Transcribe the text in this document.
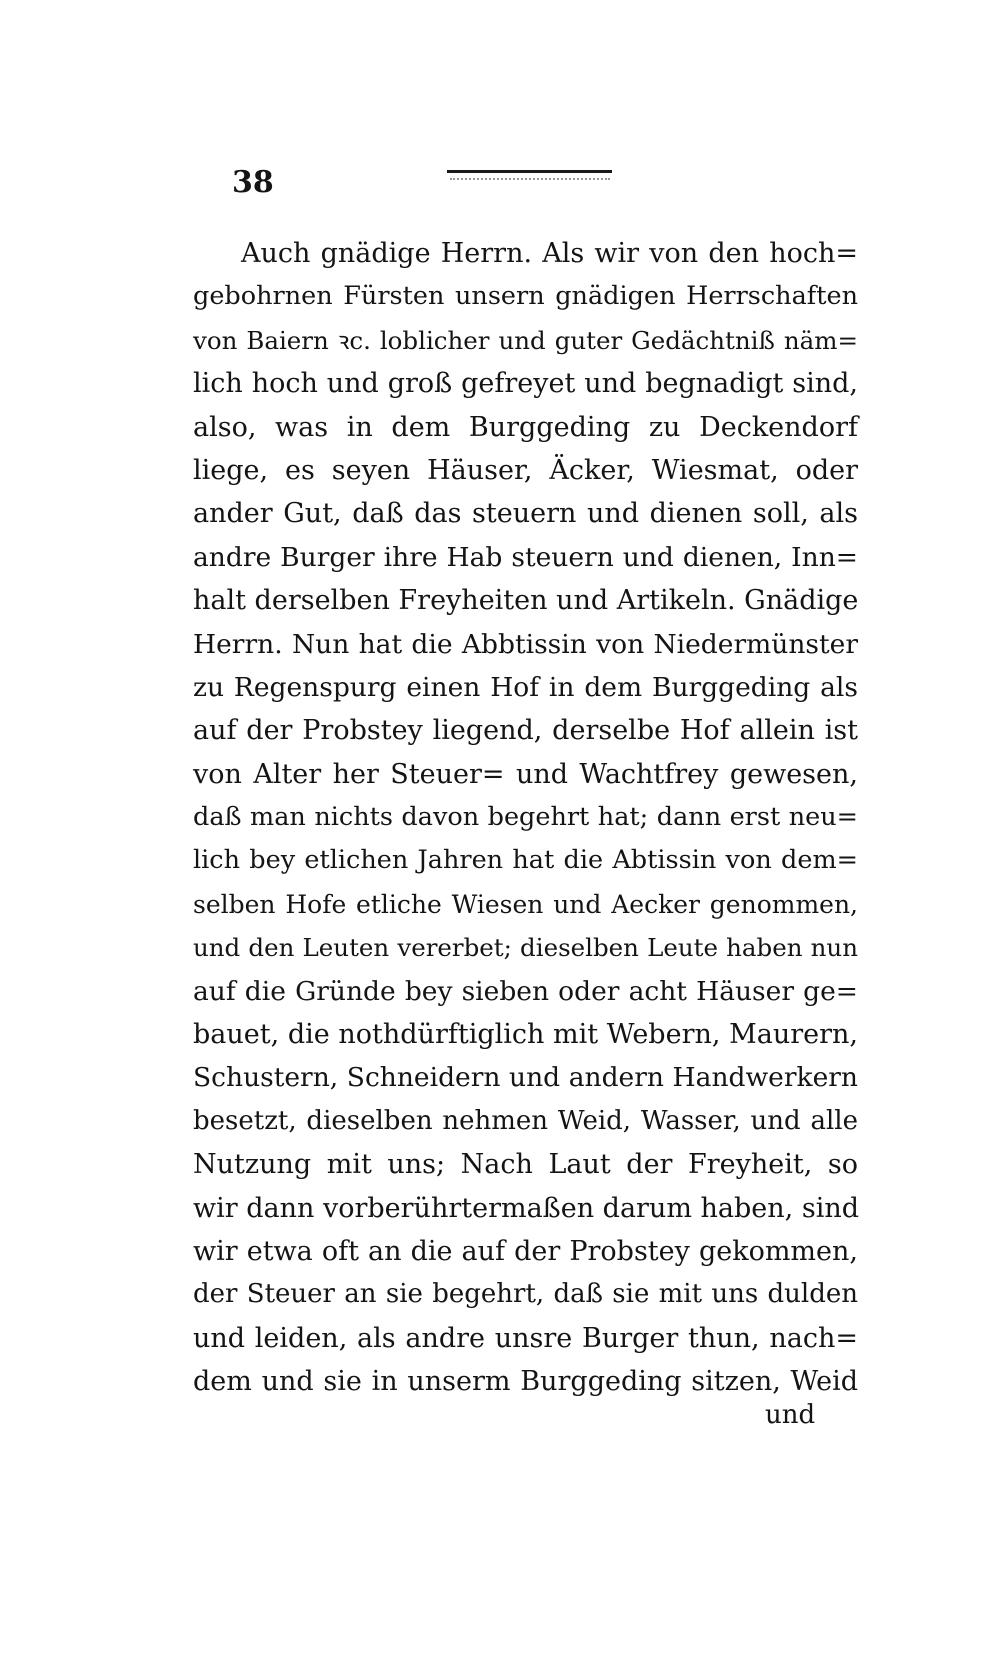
38
Auch gnädige Herrn. Als wir von den hoch=
gebohrnen Fürsten unsern gnädigen Herrschaften
von Baiern ꝛc. loblicher und guter Gedächtniß näm=
lich hoch und groß gefreyet und begnadigt sind,
also, was in dem Burggeding zu Deckendorf
liege, es seyen Häuser, Äcker, Wiesmat, oder
ander Gut, daß das steuern und dienen soll, als
andre Burger ihre Hab steuern und dienen, Inn=
halt derselben Freyheiten und Artikeln. Gnädige
Herrn. Nun hat die Abbtissin von Niedermünster
zu Regenspurg einen Hof in dem Burggeding als
auf der Probstey liegend, derselbe Hof allein ist
von Alter her Steuer= und Wachtfrey gewesen,
daß man nichts davon begehrt hat; dann erst neu=
lich bey etlichen Jahren hat die Abtissin von dem=
selben Hofe etliche Wiesen und Aecker genommen,
und den Leuten vererbet; dieselben Leute haben nun
auf die Gründe bey sieben oder acht Häuser ge=
bauet, die nothdürftiglich mit Webern, Maurern,
Schustern, Schneidern und andern Handwerkern
besetzt, dieselben nehmen Weid, Wasser, und alle
Nutzung mit uns; Nach Laut der Freyheit, so
wir dann vorberührtermaßen darum haben, sind
wir etwa oft an die auf der Probstey gekommen,
der Steuer an sie begehrt, daß sie mit uns dulden
und leiden, als andre unsre Burger thun, nach=
dem und sie in unserm Burggeding sitzen, Weid
und
